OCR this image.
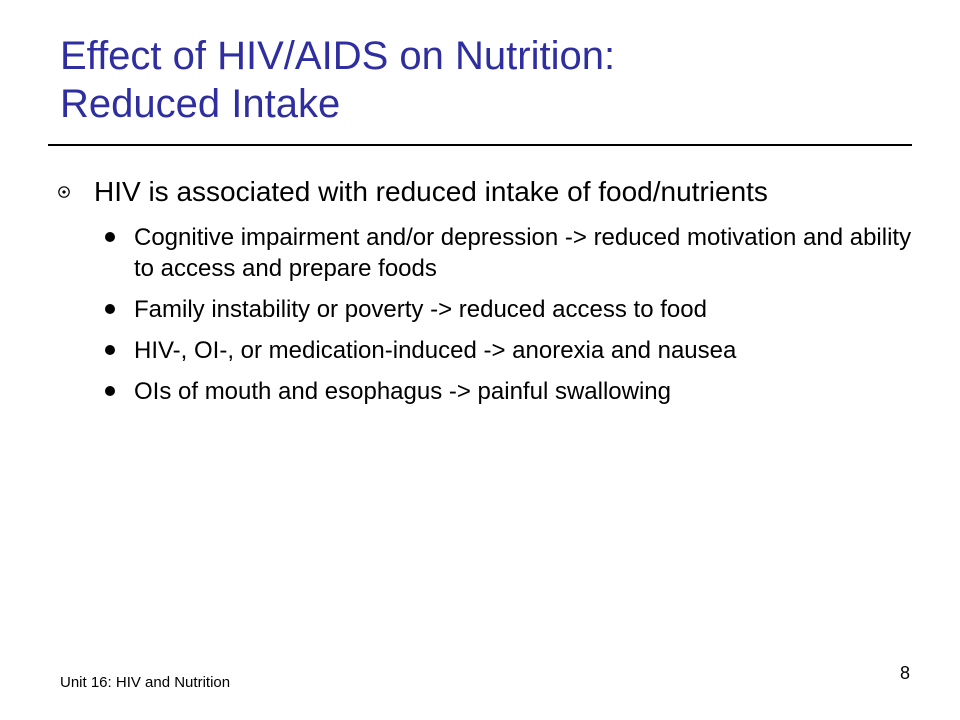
Effect of HIV/AIDS on Nutrition:
Reduced Intake
HIV is associated with reduced intake of food/nutrients
Cognitive impairment and/or depression -> reduced motivation and ability to access and prepare foods
Family instability or poverty -> reduced access to food
HIV-, OI-, or medication-induced -> anorexia and nausea
OIs of mouth and esophagus -> painful swallowing
Unit 16: HIV and Nutrition	8
